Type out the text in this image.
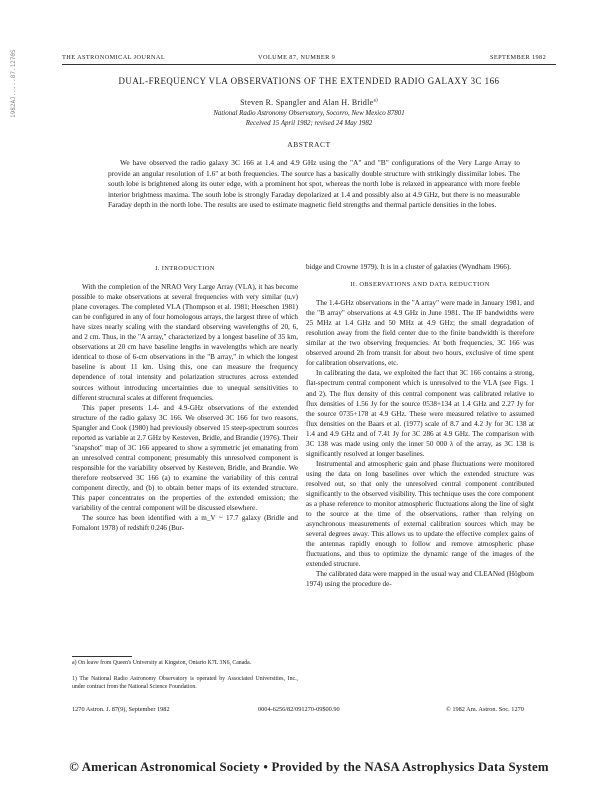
1982AJ.....87.1270S	THE ASTRONOMICAL JOURNAL	VOLUME 87, NUMBER 9	SEPTEMBER 1982
DUAL-FREQUENCY VLA OBSERVATIONS OF THE EXTENDED RADIO GALAXY 3C 166
Steven R. Spangler and Alan H. Bridle$^{a)}$
National Radio Astronomy Observatory, Socorro, New Mexico 87801
Received 15 April 1982; revised 24 May 1982
ABSTRACT
We have observed the radio galaxy 3C 166 at 1.4 and 4.9 GHz using the "A" and "B" configurations of the Very Large Array to provide an angular resolution of 1.6" at both frequencies. The source has a basically double structure with strikingly dissimilar lobes. The south lobe is brightened along its outer edge, with a prominent hot spot, whereas the north lobe is relaxed in appearance with more feeble interior brightness maxima. The south lobe is strongly Faraday depolarized at 1.4 and possibly also at 4.9 GHz, but there is no measurable Faraday depth in the north lobe. The results are used to estimate magnetic field strengths and thermal particle densities in the lobes.
I. INTRODUCTION

With the completion of the NRAO Very Large Array (VLA), it has become possible to make observations at several frequencies with very similar (u,v) plane coverages. The completed VLA (Thompson et al. 1981; Heeschen 1981) can be configured in any of four homologous arrays, the largest three of which have sizes nearly scaling with the standard observing wavelengths of 20, 6, and 2 cm. Thus, in the "A array," characterized by a longest baseline of 35 km, observations at 20 cm have baseline lengths in wavelengths which are nearly identical to those of 6-cm observations in the "B array," in which the longest baseline is about 11 km. Using this, one can measure the frequency dependence of total intensity and polarization structures across extended sources without introducing uncertainties due to unequal sensitivities to different structural scales at different frequencies.

This paper presents 1.4- and 4.9-GHz observations of the extended structure of the radio galaxy 3C 166. We observed 3C 166 for two reasons. Spangler and Cook (1980) had previously observed 15 steep-spectrum sources reported as variable at 2.7 GHz by Kesteven, Bridle, and Brandie (1976). Their "snapshot" map of 3C 166 appeared to show a symmetric jet emanating from an unresolved central component; presumably this unresolved component is responsible for the variability observed by Kesteven, Bridle, and Brandie. We therefore reobserved 3C 166 (a) to examine the variability of this central component directly, and (b) to obtain better maps of its extended structure. This paper concentrates on the properties of the extended emission; the variability of the central component will be discussed elsewhere.

The source has been identified with a m_V ~ 17.7 galaxy (Bridle and Fomalont 1978) of redshift 0.246 (Bur-

a) On leave from Queen's University at Kingston, Ontario K7L 3N6, Canada.
1) The National Radio Astronomy Observatory is operated by Associated Universities, Inc., under contract from the National Science Foundation.

bidge and Crowne 1979). It is in a cluster of galaxies (Wyndham 1966).

II. OBSERVATIONS AND DATA REDUCTION

The 1.4-GHz observations in the "A array" were made in January 1981, and the "B array" observations at 4.9 GHz in June 1981. The IF bandwidths were 25 MHz at 1.4 GHz and 50 MHz at 4.9 GHz; the small degradation of resolution away from the field center due to the finite bandwidth is therefore similar at the two observing frequencies. At both frequencies, 3C 166 was observed around 2h from transit for about two hours, exclusive of time spent for calibration observations, etc.

In calibrating the data, we exploited the fact that 3C 166 contains a strong, flat-spectrum central component which is unresolved to the VLA (see Figs. 1 and 2). The flux density of this central component was calibrated relative to flux densities of 1.56 Jy for the source 0538+134 at 1.4 GHz and 2.27 Jy for the source 0735+178 at 4.9 GHz. These were measured relative to assumed flux densities on the Baars et al. (1977) scale of 8.7 and 4.2 Jy for 3C 138 at 1.4 and 4.9 GHz and of 7.41 Jy for 3C 286 at 4.9 GHz. The comparison with 3C 138 was made using only the inner 50 000 λ of the array, as 3C 138 is significantly resolved at longer baselines.

Instrumental and atmospheric gain and phase fluctuations were monitored using the data on long baselines over which the extended structure was resolved out, so that only the unresolved central component contributed significantly to the observed visibility. This technique uses the core component as a phase reference to monitor atmospheric fluctuations along the line of sight to the source at the time of the observations, rather than relying on asynchronous measurements of external calibration sources which may be several degrees away. This allows us to update the effective complex gains of the antennas rapidly enough to follow and remove atmospheric phase fluctuations, and thus to optimize the dynamic range of the images of the extended structure.

The calibrated data were mapped in the usual way and CLEANed (Högbom 1974) using the procedure de-

1270 Astron. J. 87(9), September 1982	0004-6256/82/091270-09$00.90	© 1982 Am. Astron. Soc. 1270
© American Astronomical Society • Provided by the NASA Astrophysics Data System
